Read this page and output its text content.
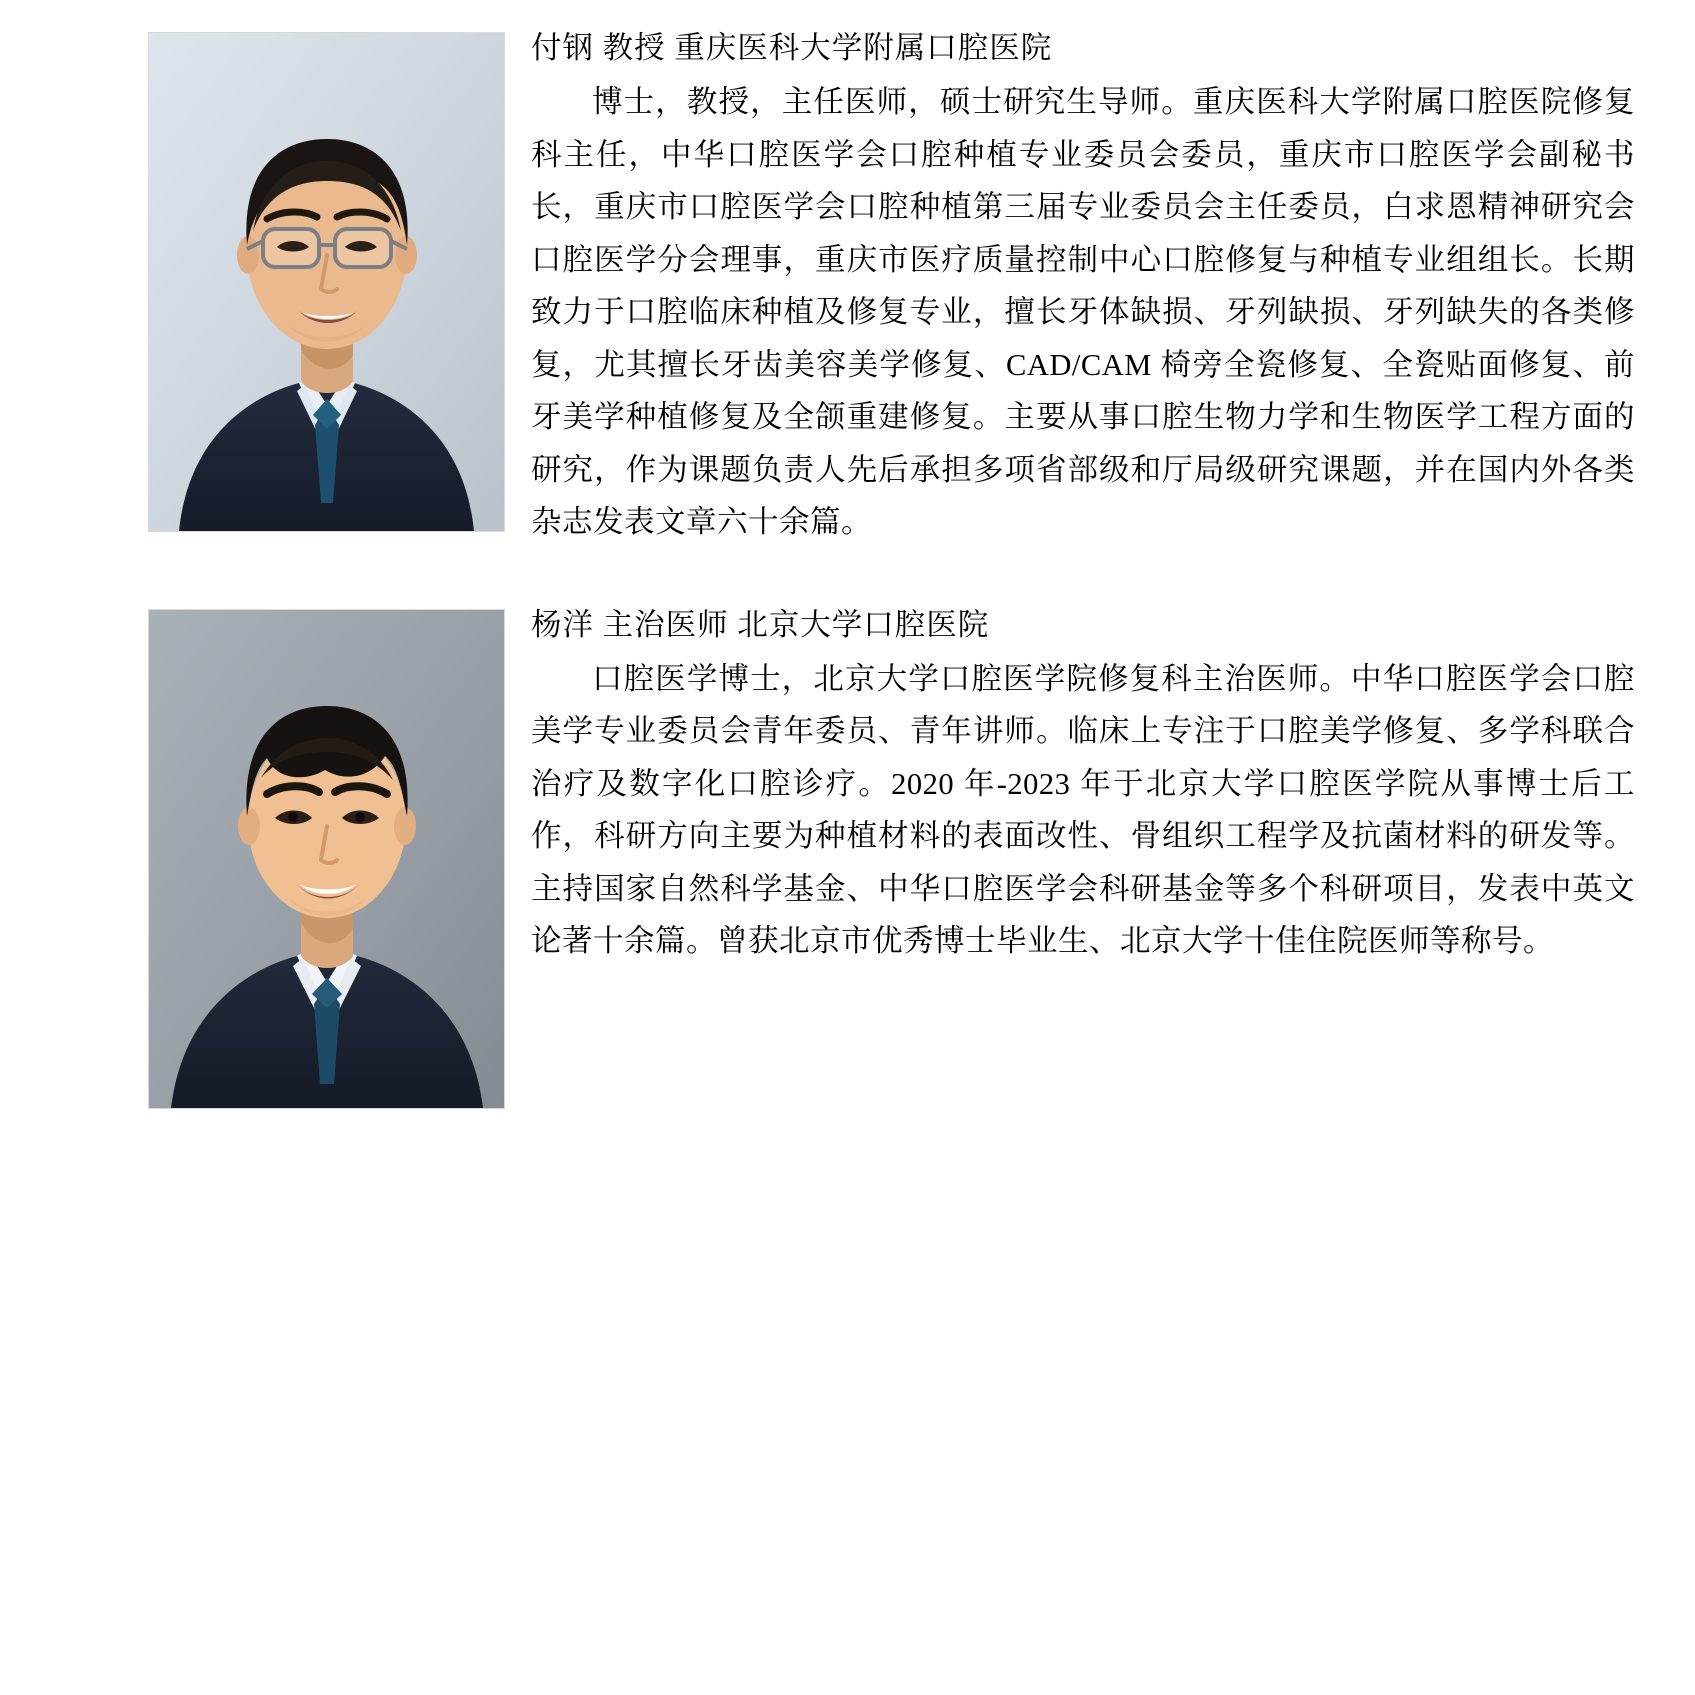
付钢 教授 重庆医科大学附属口腔医院

博士，教授，主任医师，硕士研究生导师。重庆医科大学附属口腔医院修复科主任，中华口腔医学会口腔种植专业委员会委员，重庆市口腔医学会副秘书长，重庆市口腔医学会口腔种植第三届专业委员会主任委员，白求恩精神研究会口腔医学分会理事，重庆市医疗质量控制中心口腔修复与种植专业组组长。长期致力于口腔临床种植及修复专业，擅长牙体缺损、牙列缺损、牙列缺失的各类修复，尤其擅长牙齿美容美学修复、CAD/CAM 椅旁全瓷修复、全瓷贴面修复、前牙美学种植修复及全颌重建修复。主要从事口腔生物力学和生物医学工程方面的研究，作为课题负责人先后承担多项省部级和厅局级研究课题，并在国内外各类杂志发表文章六十余篇。

杨洋 主治医师 北京大学口腔医院

口腔医学博士，北京大学口腔医学院修复科主治医师。中华口腔医学会口腔美学专业委员会青年委员、青年讲师。临床上专注于口腔美学修复、多学科联合治疗及数字化口腔诊疗。2020 年-2023 年于北京大学口腔医学院从事博士后工作，科研方向主要为种植材料的表面改性、骨组织工程学及抗菌材料的研发等。主持国家自然科学基金、中华口腔医学会科研基金等多个科研项目，发表中英文论著十余篇。曾获北京市优秀博士毕业生、北京大学十佳住院医师等称号。
